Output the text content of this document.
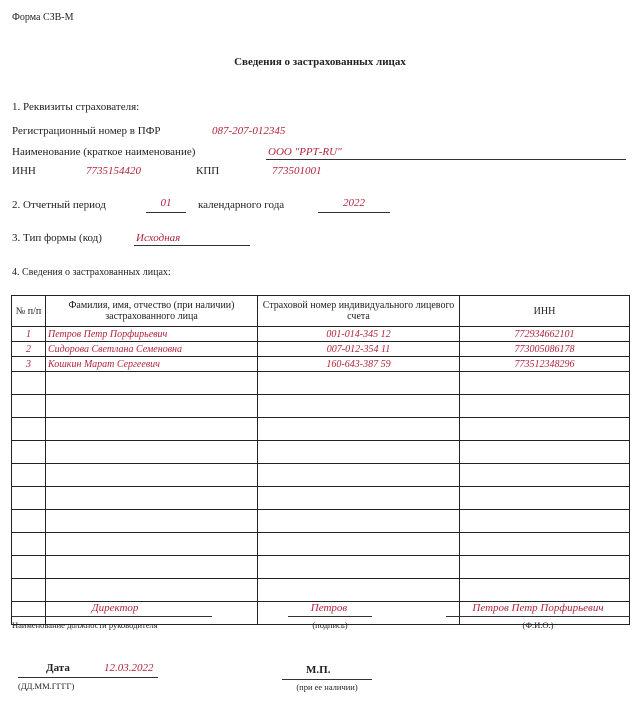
Форма СЗВ-М
Сведения о застрахованных лицах
1. Реквизиты страхователя:
Регистрационный номер в ПФР	087-207-012345
Наименование (краткое наименование)	ООО "РРТ-RU"
ИНН	7735154420	КПП	773501001
2. Отчетный период	01	календарного года	2022
3. Тип формы (код)	Исходная
4. Сведения о застрахованных лицах:
№ п/п	Фамилия, имя, отчество (при наличии) застрахованного лица	Страховой номер индивидуального лицевого счета	ИНН
1	Петров Петр Порфирьевич	001-014-345 12	772934662101
2	Сидорова Светлана Семеновна	007-012-354 11	773005086178
3	Кошкин Марат Сергеевич	160-643-387 59	773512348296

Директор
Наименование должности руководителя
Петров
(подпись)
Петров Петр Порфирьевич
(Ф.И.О.)
Дата	12.03.2022
(ДД.ММ.ГГГГ)
М.П.
(при ее наличии)
